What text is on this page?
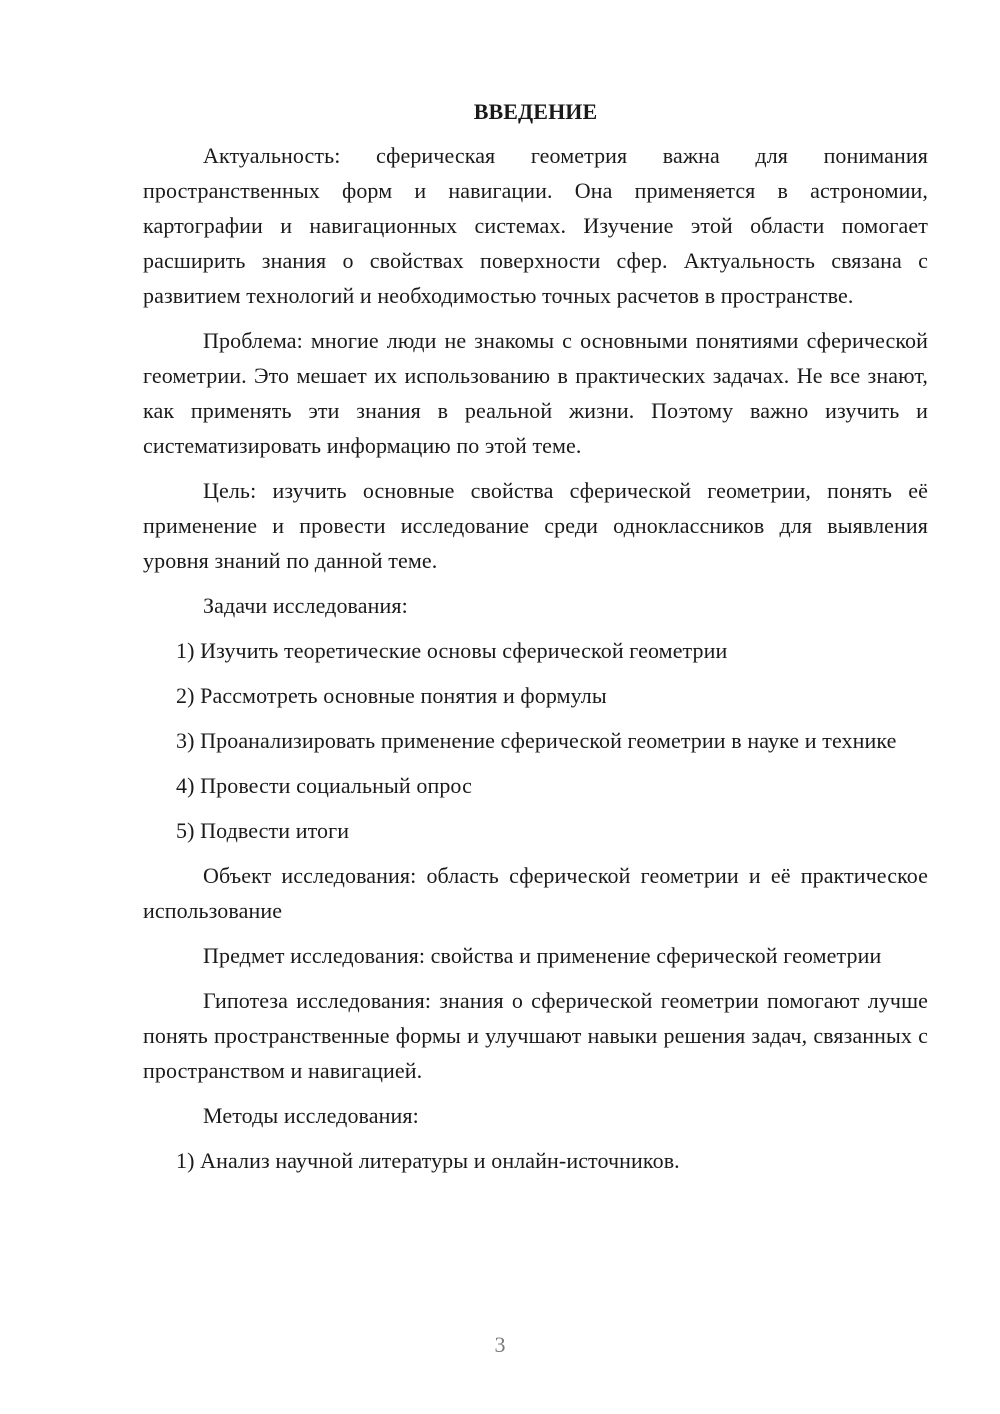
ВВЕДЕНИЕ

Актуальность: сферическая геометрия важна для понимания пространственных форм и навигации. Она применяется в астрономии, картографии и навигационных системах. Изучение этой области помогает расширить знания о свойствах поверхности сфер. Актуальность связана с развитием технологий и необходимостью точных расчетов в пространстве.

Проблема: многие люди не знакомы с основными понятиями сферической геометрии. Это мешает их использованию в практических задачах. Не все знают, как применять эти знания в реальной жизни. Поэтому важно изучить и систематизировать информацию по этой теме.

Цель: изучить основные свойства сферической геометрии, понять её применение и провести исследование среди одноклассников для выявления уровня знаний по данной теме.

Задачи исследования:

1) Изучить теоретические основы сферической геометрии

2) Рассмотреть основные понятия и формулы

3) Проанализировать применение сферической геометрии в науке и технике

4) Провести социальный опрос

5) Подвести итоги

Объект исследования: область сферической геометрии и её практическое использование

Предмет исследования: свойства и применение сферической геометрии

Гипотеза исследования: знания о сферической геометрии помогают лучше понять пространственные формы и улучшают навыки решения задач, связанных с пространством и навигацией.

Методы исследования:

1) Анализ научной литературы и онлайн-источников.

3
